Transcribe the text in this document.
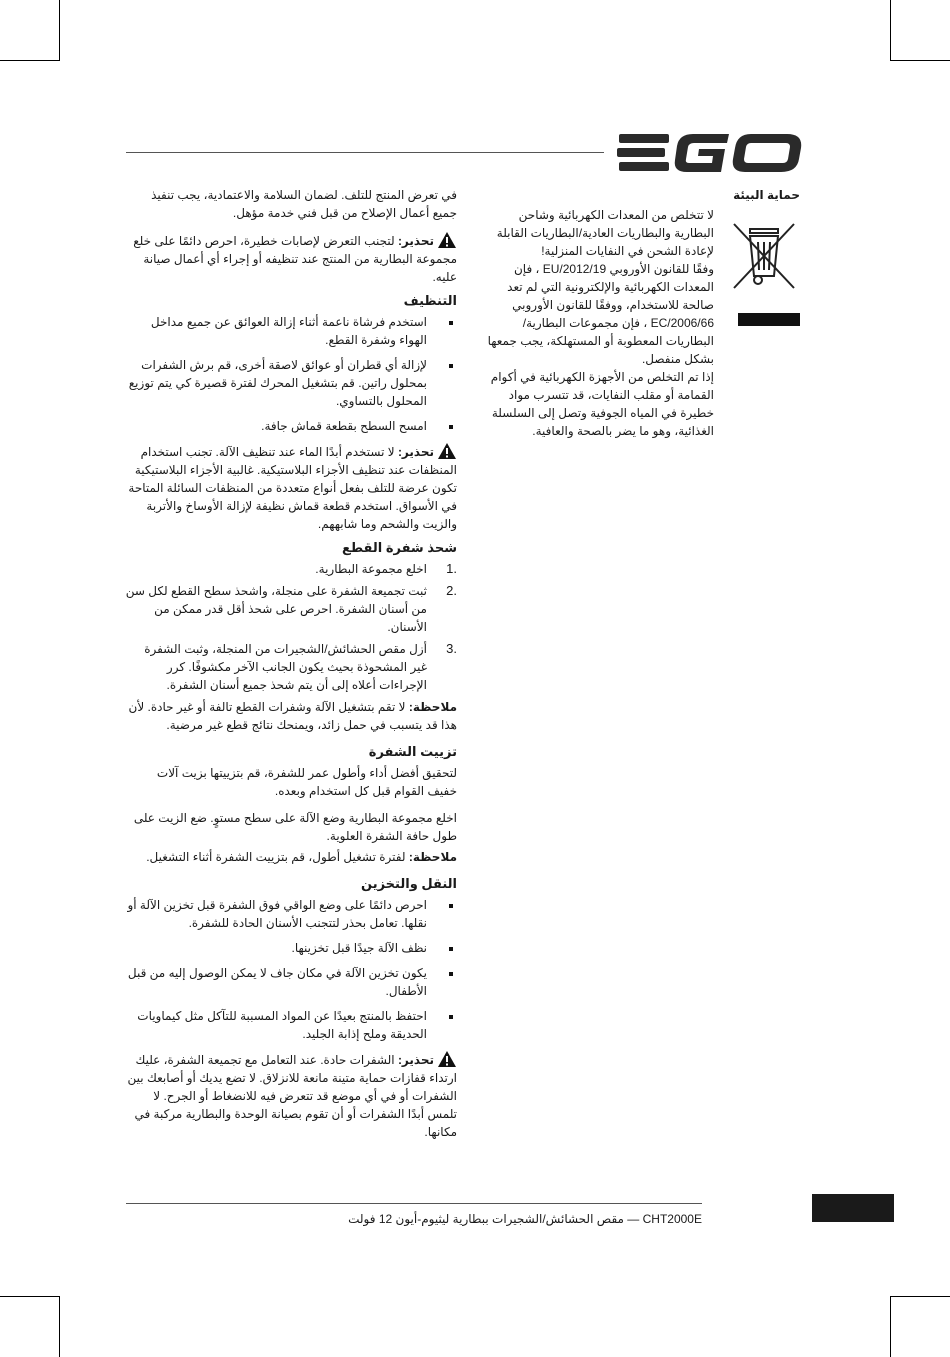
حماية البيئة

لا تتخلص من المعدات الكهربائية وشاحن البطارية والبطاريات العادية/البطاريات القابلة لإعادة الشحن في النفايات المنزلية!

وفقًا للقانون الأوروبي 2012/19/EU ، فإن المعدات الكهربائية والإلكترونية التي لم تعد صالحة للاستخدام، ووفقًا للقانون الأوروبي 2006/66/EC ، فإن مجموعات البطارية/ البطاريات المعطوبة أو المستهلكة، يجب جمعها بشكل منفصل.

إذا تم التخلص من الأجهزة الكهربائية في أكوام القمامة أو مقلب النفايات، قد تتسرب مواد خطيرة في المياه الجوفية وتصل إلى السلسلة الغذائية، وهو ما يضر بالصحة والعافية.

في تعرض المنتج للتلف. لضمان السلامة والاعتمادية، يجب تنفيذ جميع أعمال الإصلاح من قبل فني خدمة مؤهل.

تحذير: لتجنب التعرض لإصابات خطيرة، احرص دائمًا على خلع مجموعة البطارية من المنتج عند تنظيفه أو إجراء أي أعمال صيانة عليه.

التنظيف
استخدم فرشاة ناعمة أثناء إزالة العوائق عن جميع مداخل الهواء وشفرة القطع.
لإزالة أي قطران أو عوائق لاصقة أخرى، قم برش الشفرات بمحلول راتين. قم بتشغيل المحرك لفترة قصيرة كي يتم توزيع المحلول بالتساوي.
امسح السطح بقطعة قماش جافة.

تحذير: لا تستخدم أبدًا الماء عند تنظيف الآلة. تجنب استخدام المنظفات عند تنظيف الأجزاء البلاستيكية. غالبية الأجزاء البلاستيكية تكون عرضة للتلف بفعل أنواع متعددة من المنظفات السائلة المتاحة في الأسواق. استخدم قطعة قماش نظيفة لإزالة الأوساخ والأتربة والزيت والشحم وما شابههم.

شحذ شفرة القطع
1.
اخلع مجموعة البطارية.
2.
ثبت تجميعة الشفرة على منجلة، واشحذ سطح القطع لكل سن من أسنان الشفرة. احرص على شحذ أقل قدر ممكن من الأسنان.
3.
أزل مقص الحشائش/الشجيرات من المنجلة، وثبت الشفرة غير المشحوذة بحيث يكون الجانب الآخر مكشوفًا. كرر الإجراءات أعلاه إلى أن يتم شحذ جميع أسنان الشفرة.

ملاحظة: لا تقم بتشغيل الآلة وشفرات القطع تالفة أو غير حادة. لأن هذا قد يتسبب في حمل زائد، ويمنحك نتائج قطع غير مرضية.

تزييت الشفرة

لتحقيق أفضل أداء وأطول عمر للشفرة، قم بتزييتها بزيت آلات خفيف القوام قبل كل استخدام وبعده.

اخلع مجموعة البطارية وضع الآلة على سطح مستوٍ. ضع الزيت على طول حافة الشفرة العلوية.

ملاحظة: لفترة تشغيل أطول، قم بتزييت الشفرة أثناء التشغيل.

النقل والتخزين
احرص دائمًا على وضع الواقي فوق الشفرة قبل تخزين الآلة أو نقلها. تعامل بحذر لتتجنب الأسنان الحادة للشفرة.
نظف الآلة جيدًا قبل تخزينها.
يكون تخزين الآلة في مكان جاف لا يمكن الوصول إليه من قبل الأطفال.
احتفظ بالمنتج بعيدًا عن المواد المسببة للتآكل مثل كيماويات الحديقة وملح إذابة الجليد.

تحذير: الشفرات حادة. عند التعامل مع تجميعة الشفرة، عليك ارتداء قفازات حماية متينة مانعة للانزلاق. لا تضع يديك أو أصابعك بين الشفرات أو في أي موضع قد تتعرض فيه للانضغاط أو الجرح. لا تلمس أبدًا الشفرات أو أن تقوم بصيانة الوحدة والبطارية مركبة في مكانها.

CHT2000E — مقص الحشائش/الشجيرات ببطارية ليثيوم-أيون 12 فولت
